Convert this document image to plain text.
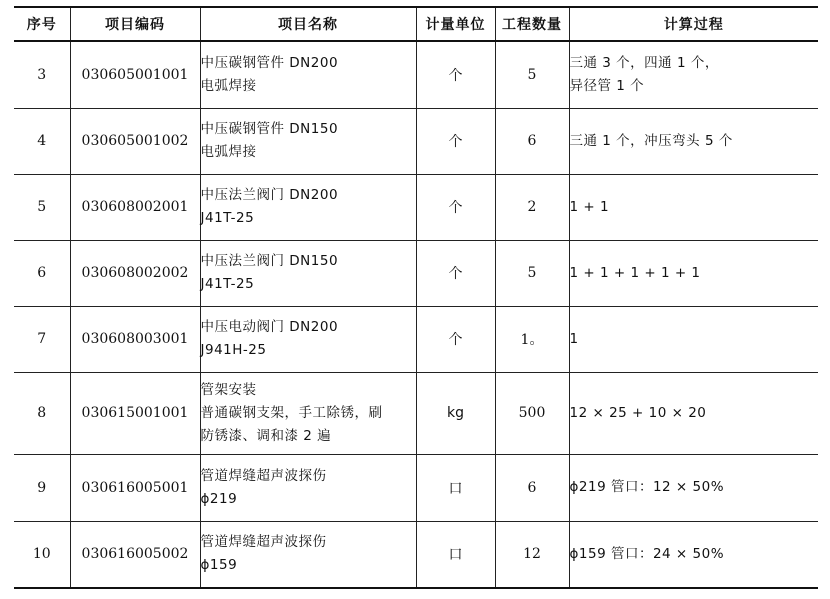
序号	项目编码	项目名称	计量单位	工程数量	计算过程
3	030605001001	中压碳钢管件 DN200
电弧焊接	个	5	三通 3 个，四通 1 个，
异径管 1 个

4	030605001002	中压碳钢管件 DN150
电弧焊接	个	6	三通 1 个，冲压弯头 5 个

5	030608002001	中压法兰阀门 DN200
J41T-25	个	2	1 + 1

6	030608002002	中压法兰阀门 DN150
J41T-25	个	5	1 + 1 + 1 + 1 + 1

7	030608003001	中压电动阀门 DN200
J941H-25	个	1。	1

8	030615001001	管架安装
普通碳钢支架，手工除锈，刷
防锈漆、调和漆 2 遍	kg	500	12 × 25 + 10 × 20

9	030616005001	管道焊缝超声波探伤
ϕ219	口	6	ϕ219 管口：12 × 50%

10	030616005002	管道焊缝超声波探伤
ϕ159	口	12	ϕ159 管口：24 × 50%
